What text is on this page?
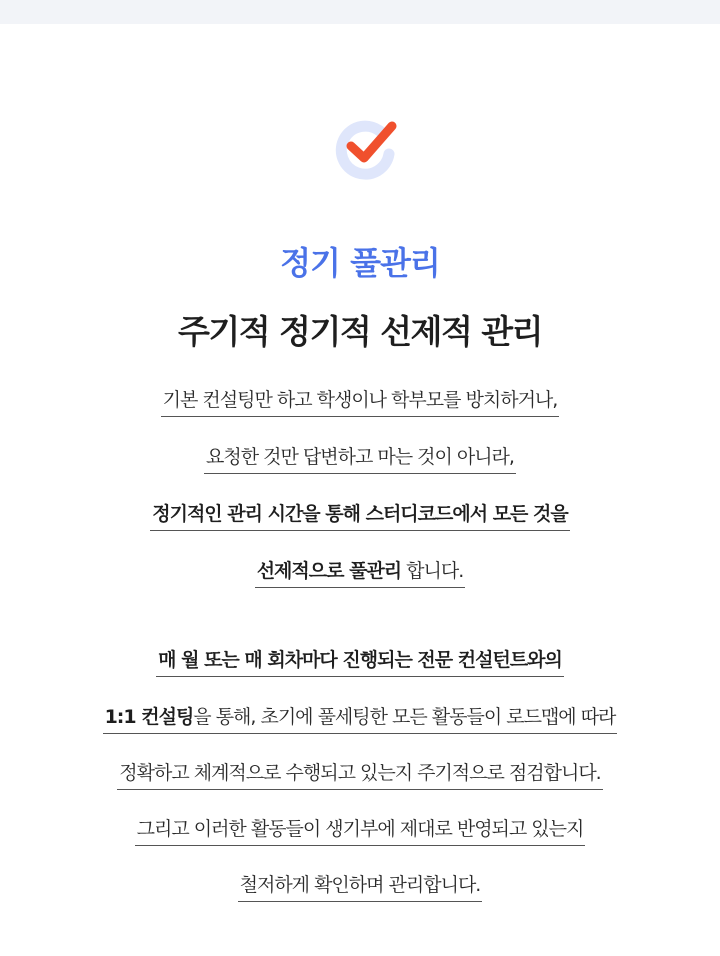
정기 풀관리
주기적 정기적 선제적 관리
기본 컨설팅만 하고 학생이나 학부모를 방치하거나,
요청한 것만 답변하고 마는 것이 아니라,
정기적인 관리 시간을 통해 스터디코드에서 모든 것을
선제적으로 풀관리 합니다.
매 월 또는 매 회차마다 진행되는 전문 컨설턴트와의
1:1 컨설팅을 통해, 초기에 풀세팅한 모든 활동들이 로드맵에 따라
정확하고 체계적으로 수행되고 있는지 주기적으로 점검합니다.
그리고 이러한 활동들이 생기부에 제대로 반영되고 있는지
철저하게 확인하며 관리합니다.
